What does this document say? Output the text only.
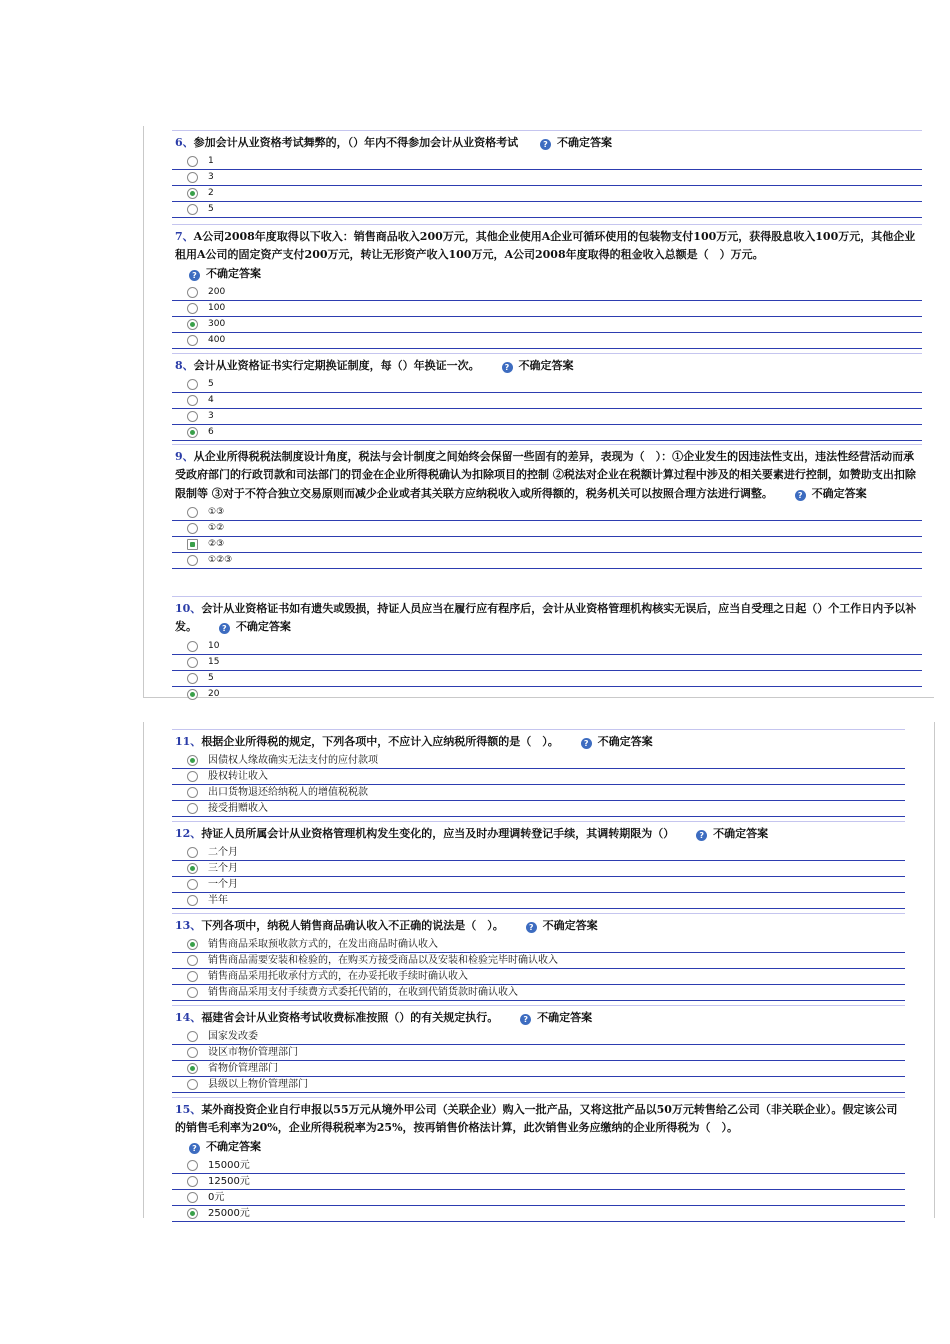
6、参加会计从业资格考试舞弊的，（）年内不得参加会计从业资格考试	? 不确定答案
1
3
2
5
7、A公司2008年度取得以下收入：销售商品收入200万元，其他企业使用A企业可循环使用的包装物支付100万元，获得股息收入100万元，其他企业租用A公司的固定资产支付200万元，转让无形资产收入100万元，A公司2008年度取得的租金收入总额是（　）万元。
? 不确定答案
200
100
300
400
8、会计从业资格证书实行定期换证制度，每（）年换证一次。	? 不确定答案
5
4
3
6
9、从企业所得税税法制度设计角度，税法与会计制度之间始终会保留一些固有的差异，表现为（　）：①企业发生的因违法性支出，违法性经营活动而承受政府部门的行政罚款和司法部门的罚金在企业所得税确认为扣除项目的控制 ②税法对企业在税额计算过程中涉及的相关要素进行控制，如赞助支出扣除限制等 ③对于不符合独立交易原则而减少企业或者其关联方应纳税收入或所得额的，税务机关可以按照合理方法进行调整。	? 不确定答案
①③
①②
②③
①②③
10、会计从业资格证书如有遗失或毁损，持证人员应当在履行应有程序后，会计从业资格管理机构核实无误后，应当自受理之日起（）个工作日内予以补发。	? 不确定答案
10
15
5
20
11、根据企业所得税的规定，下列各项中，不应计入应纳税所得额的是（　）。	? 不确定答案
因债权人缘故确实无法支付的应付款项
股权转让收入
出口货物退还给纳税人的增值税税款
接受捐赠收入
12、持证人员所属会计从业资格管理机构发生变化的，应当及时办理调转登记手续，其调转期限为（）	? 不确定答案
二个月
三个月
一个月
半年
13、下列各项中，纳税人销售商品确认收入不正确的说法是（　）。	? 不确定答案
销售商品采取预收款方式的，在发出商品时确认收入
销售商品需要安装和检验的，在购买方接受商品以及安装和检验完毕时确认收入
销售商品采用托收承付方式的，在办妥托收手续时确认收入
销售商品采用支付手续费方式委托代销的，在收到代销货款时确认收入
14、福建省会计从业资格考试收费标准按照（）的有关规定执行。	? 不确定答案
国家发改委
设区市物价管理部门
省物价管理部门
县级以上物价管理部门
15、某外商投资企业自行申报以55万元从境外甲公司（关联企业）购入一批产品，又将这批产品以50万元转售给乙公司（非关联企业）。假定该公司的销售毛利率为20%，企业所得税税率为25%，按再销售价格法计算，此次销售业务应缴纳的企业所得税为（　）。
? 不确定答案
15000元
12500元
0元
25000元
